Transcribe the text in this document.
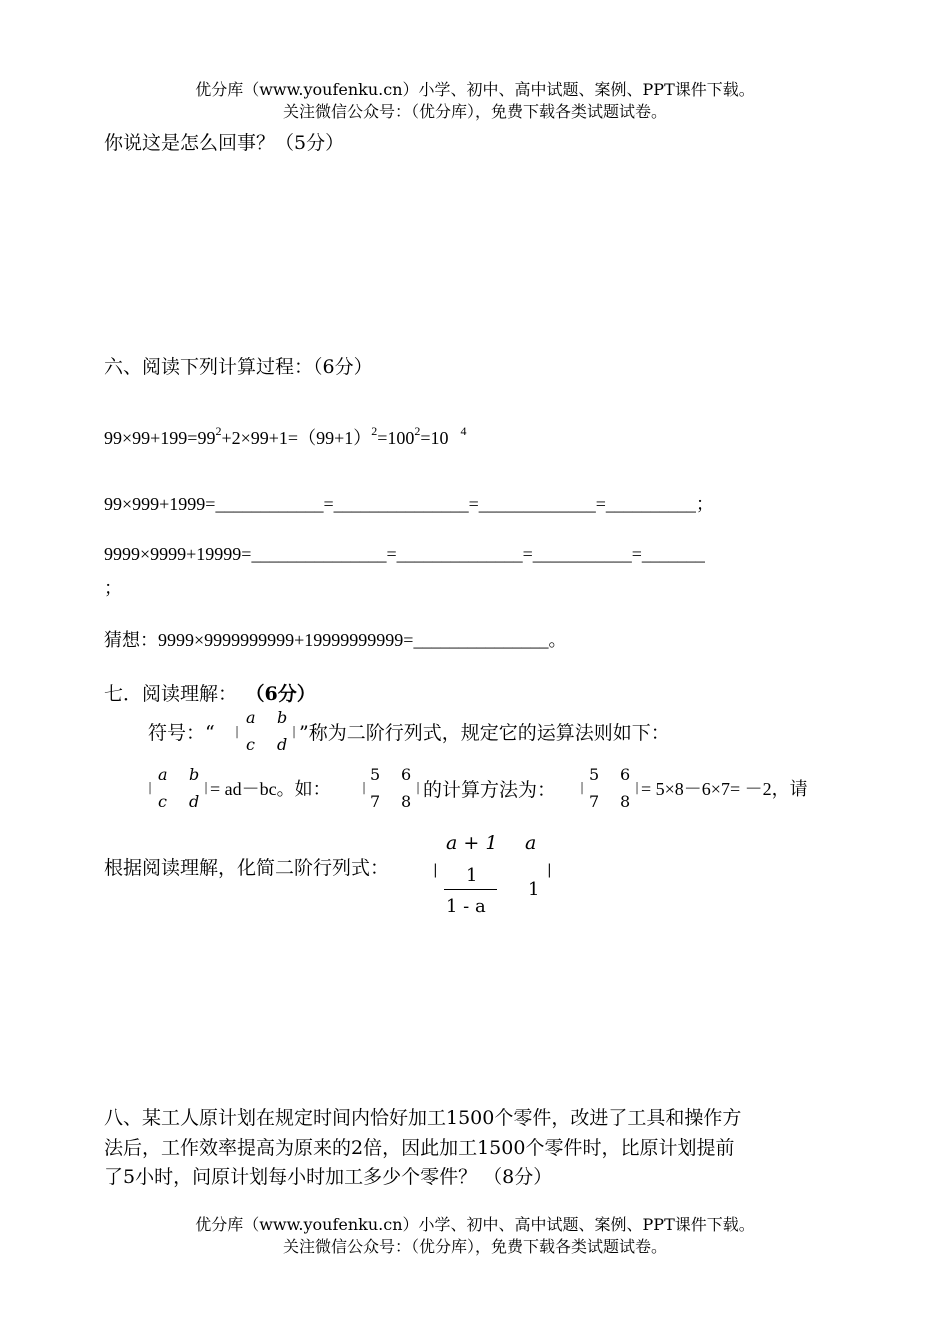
优分库（www.youfenku.cn）小学、初中、高中试题、案例、PPT课件下载。
关注微信公众号：（优分库），免费下载各类试题试卷。
你说这是怎么回事？（5分）
六、阅读下列计算过程：（6分）
$99\times 99+199=99^2+2\times 99+1=(99+1)^2=100^2=10$ $^4$
99×999+1999=____________=_______________=_____________=__________；
9999×9999+19999=_______________=______________=___________=_______
；
猜想：9999×9999999999+19999999999=_______________。
七．阅读理解： （6分）
符号：“ |
a b
c d
| ”称为二阶行列式，规定它的运算法则如下：
|
a b
c d
| = ad－bc。如：	|
5 6
7 8
| 的计算方法为： |
5 6
7 8
| = 5×8－6×7= －2，请
根据阅读理解，化简二阶行列式：	|
a + 1 a
1
1 - a
1
|
八、某工人原计划在规定时间内恰好加工1500个零件，改进了工具和操作方
法后，工作效率提高为原来的2倍，因此加工1500个零件时，比原计划提前
了5小时，问原计划每小时加工多少个零件？ （8分）
优分库（www.youfenku.cn）小学、初中、高中试题、案例、PPT课件下载。
关注微信公众号：（优分库），免费下载各类试题试卷。
